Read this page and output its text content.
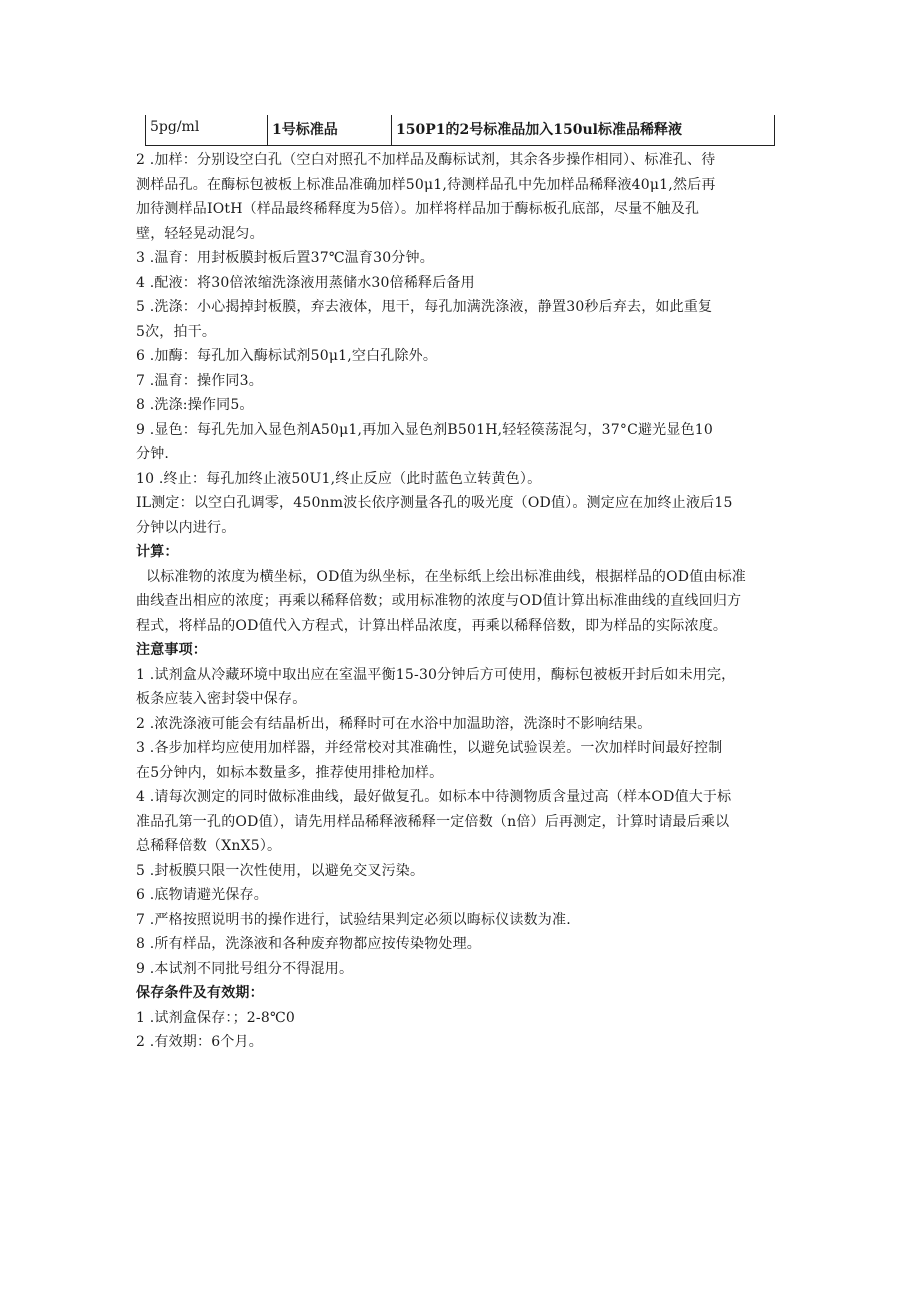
5pg/ml	1号标准品	150P1的2号标准品加入150ul标准品稀释液
2 .加样：分别设空白孔（空白对照孔不加样品及酶标试剂，其余各步操作相同）、标准孔、待
测样品孔。在酶标包被板上标准品准确加样50μ1,待测样品孔中先加样品稀释液40μ1,然后再
加待测样品IOtH（样品最终稀释度为5倍）。加样将样品加于酶标板孔底部，尽量不触及孔
壁，轻轻晃动混匀。
3 .温育：用封板膜封板后置37℃温育30分钟。
4 .配液：将30倍浓缩洗涤液用蒸储水30倍稀释后备用
5 .洗涤：小心揭掉封板膜，弃去液体，甩干，每孔加满洗涤液，静置30秒后弃去，如此重复
5次，拍干。
6 .加酶：每孔加入酶标试剂50μ1,空白孔除外。
7 .温育：操作同3。
8 .洗涤:操作同5。
9 .显色：每孔先加入显色剂A50μ1,再加入显色剂B501H,轻轻篌荡混匀，37°C避光显色10
分钟.
10 .终止：每孔加终止液50U1,终止反应（此时蓝色立转黄色）。
IL测定：以空白孔调零，450nm波长依序测量各孔的吸光度（OD值）。测定应在加终止液后15
分钟以内进行。
计算：
以标准物的浓度为横坐标，OD值为纵坐标，在坐标纸上绘出标准曲线，根据样品的OD值由标准
曲线查出相应的浓度；再乘以稀释倍数；或用标准物的浓度与OD值计算出标准曲线的直线回归方
程式，将样品的OD值代入方程式，计算出样品浓度，再乘以稀释倍数，即为样品的实际浓度。
注意事项：
1 .试剂盒从冷藏环境中取出应在室温平衡15-30分钟后方可使用，酶标包被板开封后如未用完，
板条应装入密封袋中保存。
2 .浓洗涤液可能会有结晶析出，稀释时可在水浴中加温助溶，洗涤时不影响结果。
3 .各步加样均应使用加样器，并经常校对其准确性，以避免试验误差。一次加样时间最好控制
在5分钟内，如标本数量多，推荐使用排枪加样。
4 .请每次测定的同时做标准曲线，最好做复孔。如标本中待测物质含量过高（样本OD值大于标
准品孔第一孔的OD值），请先用样品稀释液稀释一定倍数（n倍）后再测定，计算时请最后乘以
总稀释倍数（XnX5）。
5 .封板膜只限一次性使用，以避免交叉污染。
6 .底物请避光保存。
7 .严格按照说明书的操作进行，试验结果判定必须以晦标仪读数为准.
8 .所有样品，洗涤液和各种废弃物都应按传染物处理。
9 .本试剂不同批号组分不得混用。
保存条件及有效期：
1 .试剂盒保存：；2-8℃0
2 .有效期：6个月。
